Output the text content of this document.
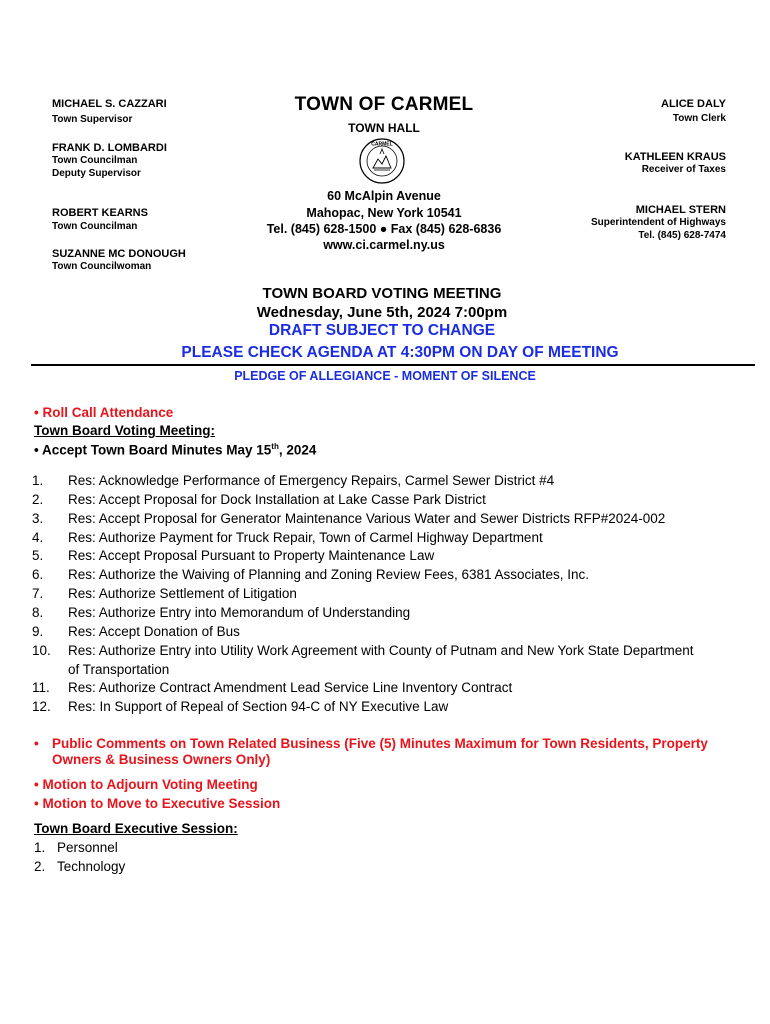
MICHAEL S. CAZZARI
Town Supervisor
FRANK D. LOMBARDI
Town Councilman
Deputy Supervisor
ROBERT KEARNS
Town Councilman
SUZANNE MC DONOUGH
Town Councilwoman
ALICE DALY
Town Clerk
KATHLEEN KRAUS
Receiver of Taxes
MICHAEL STERN
Superintendent of Highways
Tel. (845) 628-7474
TOWN OF CARMEL
TOWN HALL
CARMEL
60 McAlpin Avenue
Mahopac, New York 10541
Tel. (845) 628-1500 ● Fax (845) 628-6836
www.ci.carmel.ny.us
TOWN BOARD VOTING MEETING
Wednesday, June 5th, 2024 7:00pm
DRAFT SUBJECT TO CHANGE
PLEASE CHECK AGENDA AT 4:30PM ON DAY OF MEETING
PLEDGE OF ALLEGIANCE - MOMENT OF SILENCE
• Roll Call Attendance
Town Board Voting Meeting:
• Accept Town Board Minutes May 15th, 2024
1. Res: Acknowledge Performance of Emergency Repairs, Carmel Sewer District #4
2. Res: Accept Proposal for Dock Installation at Lake Casse Park District
3. Res: Accept Proposal for Generator Maintenance Various Water and Sewer Districts RFP#2024-002
4. Res: Authorize Payment for Truck Repair, Town of Carmel Highway Department
5. Res: Accept Proposal Pursuant to Property Maintenance Law
6. Res: Authorize the Waiving of Planning and Zoning Review Fees, 6381 Associates, Inc.
7. Res: Authorize Settlement of Litigation
8. Res: Authorize Entry into Memorandum of Understanding
9. Res: Accept Donation of Bus
10. Res: Authorize Entry into Utility Work Agreement with County of Putnam and New York State Department
of Transportation
11. Res: Authorize Contract Amendment Lead Service Line Inventory Contract
12. Res: In Support of Repeal of Section 94-C of NY Executive Law
• Public Comments on Town Related Business (Five (5) Minutes Maximum for Town Residents, Property
Owners & Business Owners Only)
• Motion to Adjourn Voting Meeting
• Motion to Move to Executive Session
Town Board Executive Session:
1. Personnel
2. Technology
